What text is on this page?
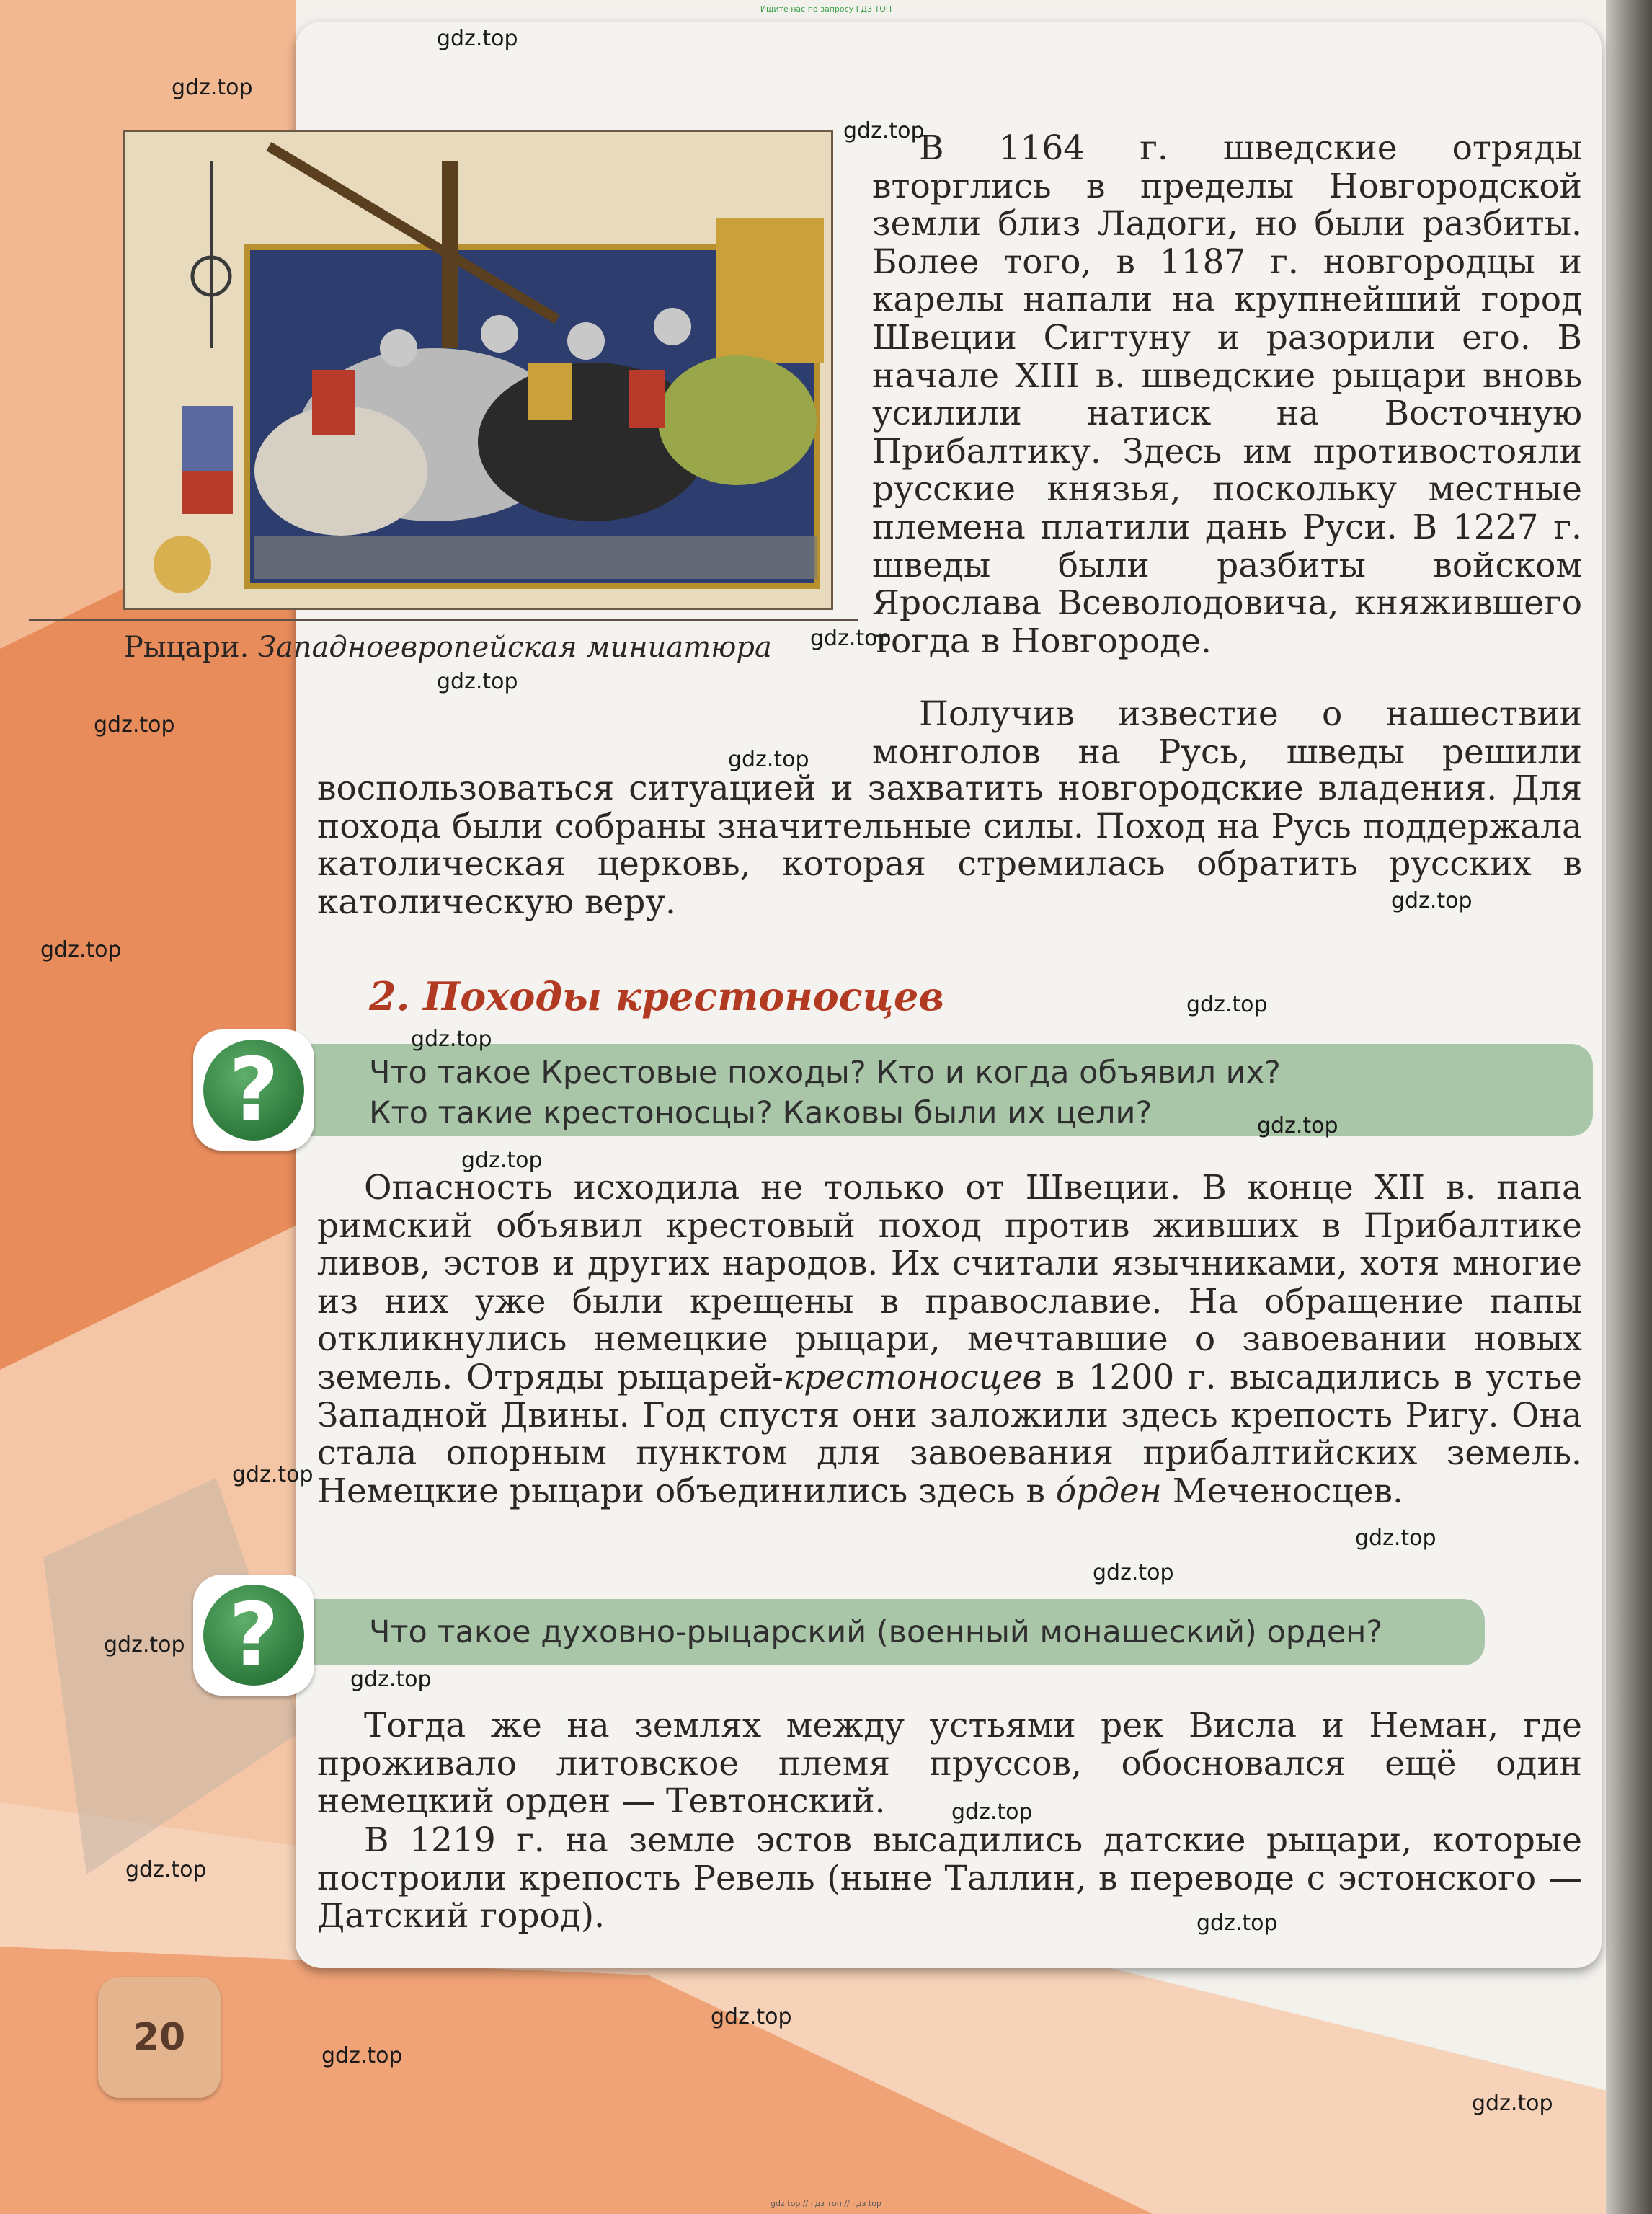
Ищите нас по запросу ГДЗ ТОП
Рыцари. Западноевропейская миниатюра
В 1164 г. шведские отряды вторглись в пределы Новгородской земли близ Ладоги, но были разбиты. Более того, в 1187 г. новгородцы и карелы напали на крупнейший город Швеции Сигтуну и разорили его. В начале XIII в. шведские рыцари вновь усилили натиск на Восточную Прибалтику. Здесь им противостояли русские князья, поскольку местные племена платили дань Руси. В 1227 г. шведы были разбиты войском Ярослава Всеволодовича, княжившего тогда в Новгороде.
Получив известие о нашествии монголов на Русь, шведы решили
воспользоваться ситуацией и захватить новгородские владения. Для похода были собраны значительные силы. Поход на Русь поддержала католическая церковь, которая стремилась обратить русских в католическую веру.
2. Походы крестоносцев
Что такое Крестовые походы? Кто и когда объявил их?
Кто такие крестоносцы? Каковы были их цели?
?
Опасность исходила не только от Швеции. В конце XII в. папа римский объявил крестовый поход против живших в Прибалтике ливов, эстов и других народов. Их считали язычниками, хотя многие из них уже были крещены в православие. На обращение папы откликнулись немецкие рыцари, мечтавшие о завоевании новых земель. Отряды рыцарей-крестоносцев в 1200 г. высадились в устье Западной Двины. Год спустя они заложили здесь крепость Ригу. Она стала опорным пунктом для завоевания прибалтийских земель. Немецкие рыцари объединились здесь в о́рден Меченосцев.
Что такое духовно-рыцарский (военный монашеский) орден?
?
Тогда же на землях между устьями рек Висла и Неман, где проживало литовское племя пруссов, обосновался ещё один немецкий орден — Тевтонский.
В 1219 г. на земле эстов высадились датские рыцари, которые построили крепость Ревель (ныне Таллин, в переводе с эстонского — Датский город).
20
gdz.top
gdz.top
gdz.top
gdz.top
gdz.top
gdz.top
gdz.top
gdz.top
gdz.top
gdz.top
gdz.top
gdz.top
gdz.top
gdz.top
gdz.top
gdz.top
gdz.top
gdz.top
gdz.top
gdz.top
gdz.top
gdz.top
gdz.top
gdz.top
gdz top // гдз топ // гдз top
